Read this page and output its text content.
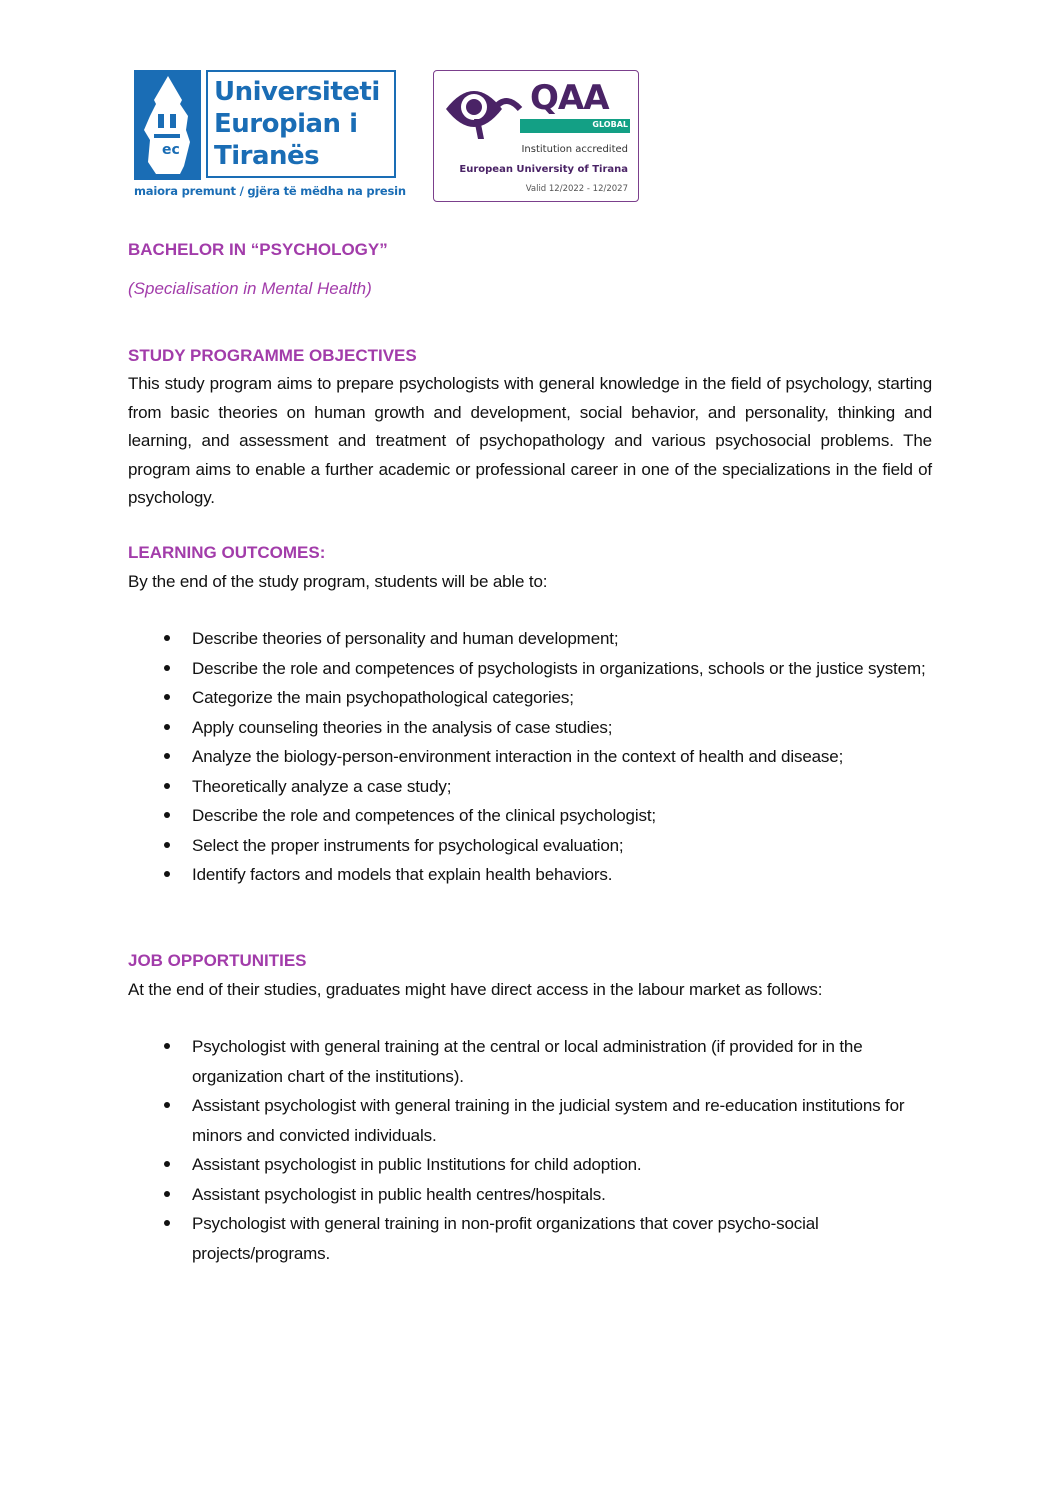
ec

Universiteti
Europian i
Tiranës

maiora premunt / gjëra të mëdha na presin

QAA

GLOBAL
Institution accredited
European University of Tirana
Valid 12/2022 - 12/2027
BACHELOR IN “PSYCHOLOGY”

(Specialisation in Mental Health)

STUDY PROGRAMME OBJECTIVES

This study program aims to prepare psychologists with general knowledge in the field of psychology, starting from basic theories on human growth and development, social behavior, and personality, thinking and learning, and assessment and treatment of psychopathology and various psychosocial problems. The program aims to enable a further academic or professional career in one of the specializations in the field of psychology.

LEARNING OUTCOMES:

By the end of the study program, students will be able to:

Describe theories of personality and human development;
Describe the role and competences of psychologists in organizations, schools or the justice system;
Categorize the main psychopathological categories;
Apply counseling theories in the analysis of case studies;
Analyze the biology-person-environment interaction in the context of health and disease;
Theoretically analyze a case study;
Describe the role and competences of the clinical psychologist;
Select the proper instruments for psychological evaluation;
Identify factors and models that explain health behaviors.
JOB OPPORTUNITIES

At the end of their studies, graduates might have direct access in the labour market as follows:

Psychologist with general training at the central or local administration (if provided for in the organization chart of the institutions).
Assistant psychologist with general training in the judicial system and re-education institutions for minors and convicted individuals.
Assistant psychologist in public Institutions for child adoption.
Assistant psychologist in public health centres/hospitals.
Psychologist with general training in non-profit organizations that cover psycho-social projects/programs.
